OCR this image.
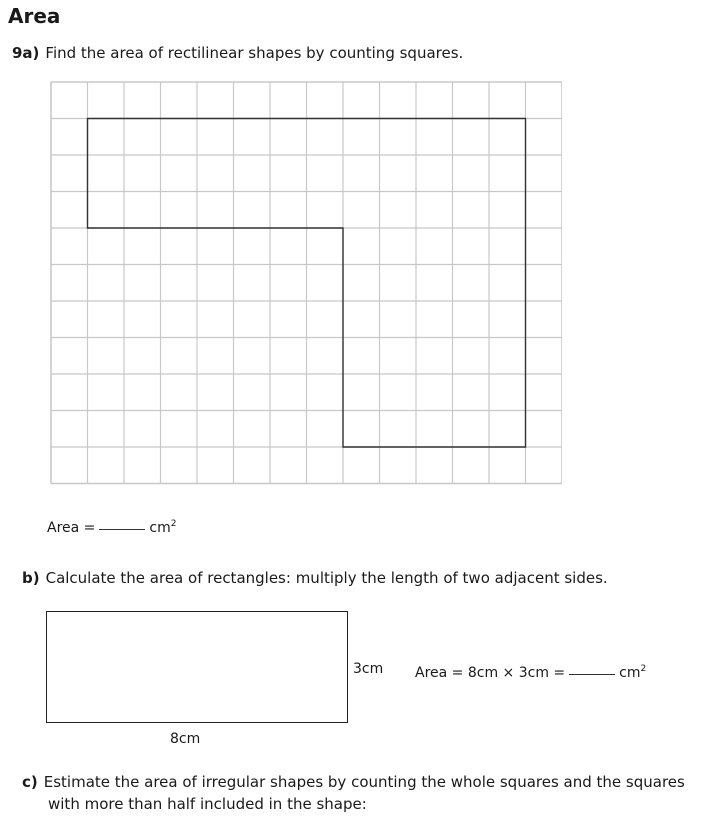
Area
9a) Find the area of rectilinear shapes by counting squares.
Area =	$cm^2$
b) Calculate the area of rectangles: multiply the length of two adjacent sides.
3cm
8cm
Area = 8cm × 3cm =	$cm^2$
c) Estimate the area of irregular shapes by counting the whole squares and the squares
with more than half included in the shape:
